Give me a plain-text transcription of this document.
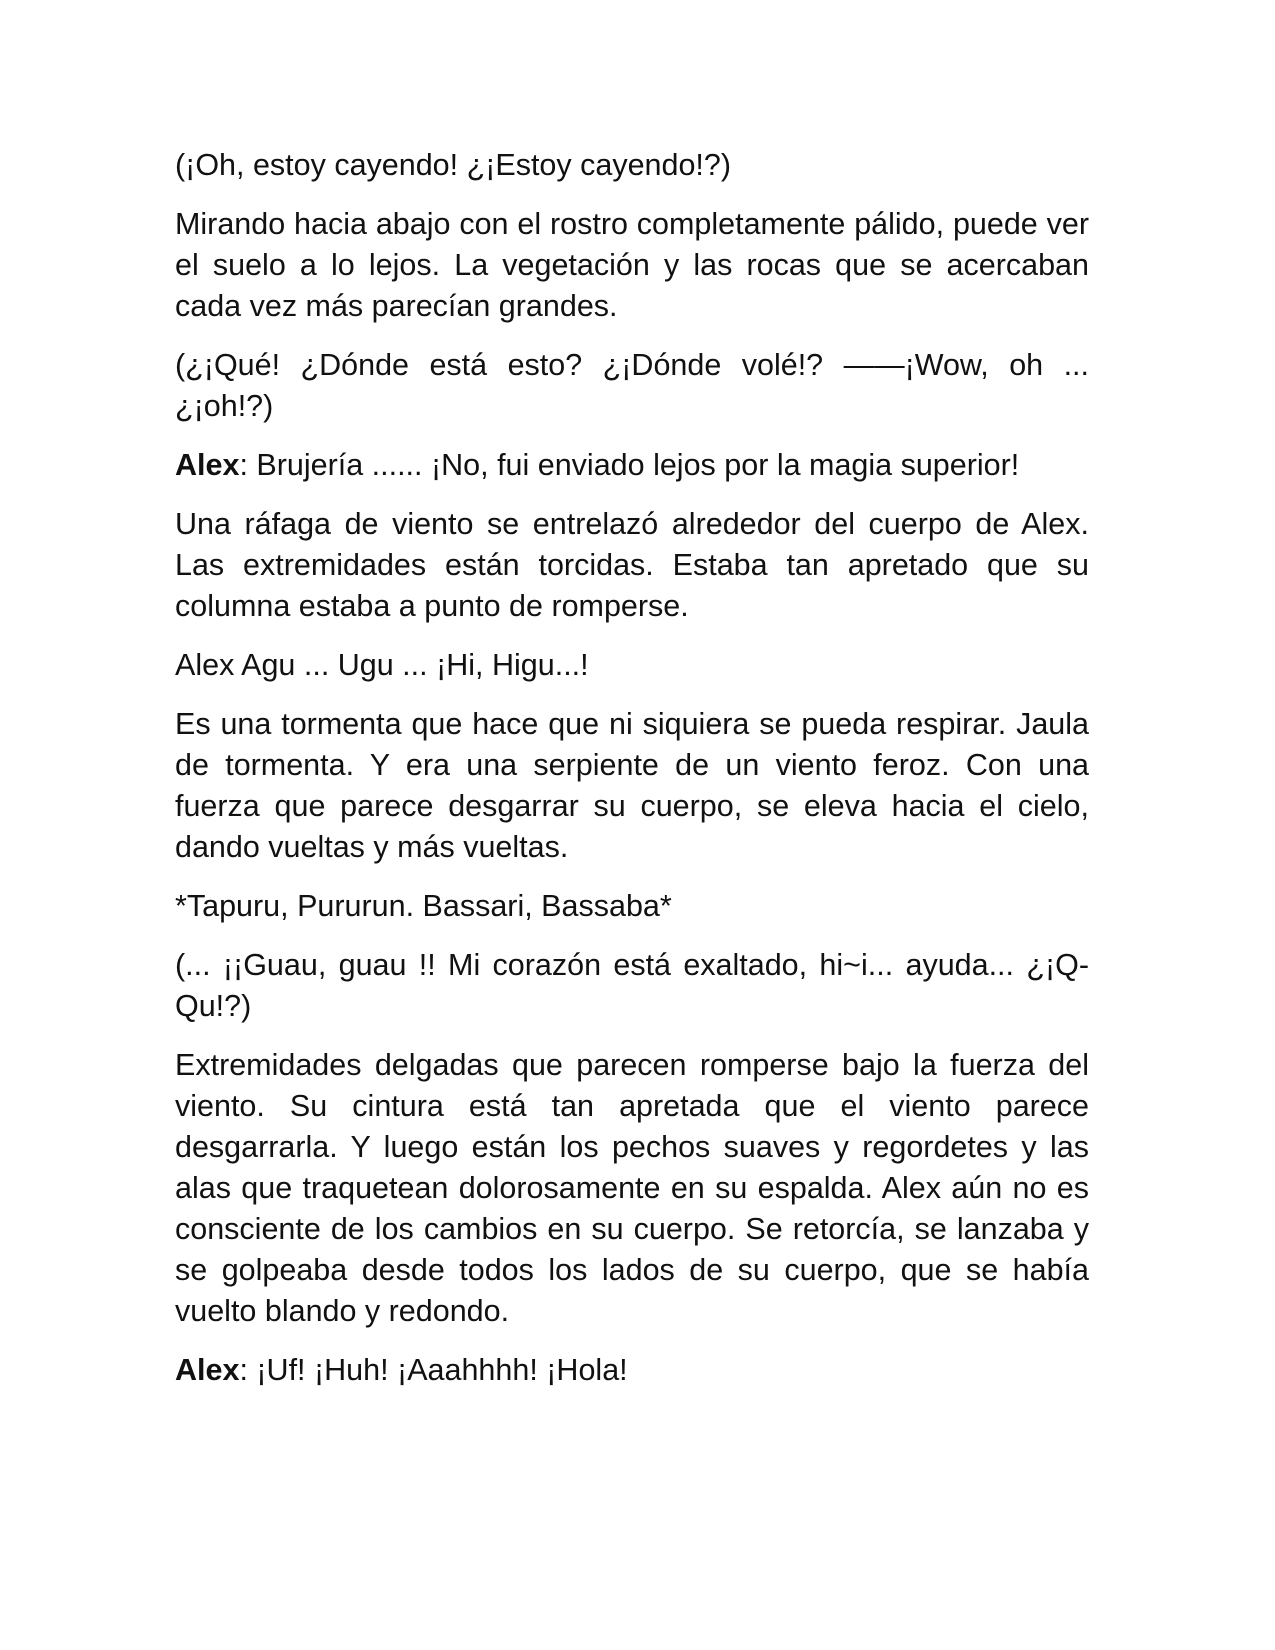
(¡Oh, estoy cayendo! ¿¡Estoy cayendo!?)

Mirando hacia abajo con el rostro completamente pálido, puede ver el suelo a lo lejos. La vegetación y las rocas que se acercaban cada vez más parecían grandes.

(¿¡Qué! ¿Dónde está esto? ¿¡Dónde volé!? ——¡Wow, oh ... ¿¡oh!?)

Alex: Brujería ...... ¡No, fui enviado lejos por la magia superior!

Una ráfaga de viento se entrelazó alrededor del cuerpo de Alex. Las extremidades están torcidas. Estaba tan apretado que su columna estaba a punto de romperse.

Alex Agu ... Ugu ... ¡Hi, Higu...!

Es una tormenta que hace que ni siquiera se pueda respirar. Jaula de tormenta. Y era una serpiente de un viento feroz. Con una fuerza que parece desgarrar su cuerpo, se eleva hacia el cielo, dando vueltas y más vueltas.

*Tapuru, Pururun. Bassari, Bassaba*

(... ¡¡Guau, guau !! Mi corazón está exaltado, hi~i... ayuda... ¿¡Q-Qu!?)

Extremidades delgadas que parecen romperse bajo la fuerza del viento. Su cintura está tan apretada que el viento parece desgarrarla. Y luego están los pechos suaves y regordetes y las alas que traquetean dolorosamente en su espalda. Alex aún no es consciente de los cambios en su cuerpo. Se retorcía, se lanzaba y se golpeaba desde todos los lados de su cuerpo, que se había vuelto blando y redondo.

Alex: ¡Uf! ¡Huh! ¡Aaahhhh! ¡Hola!
